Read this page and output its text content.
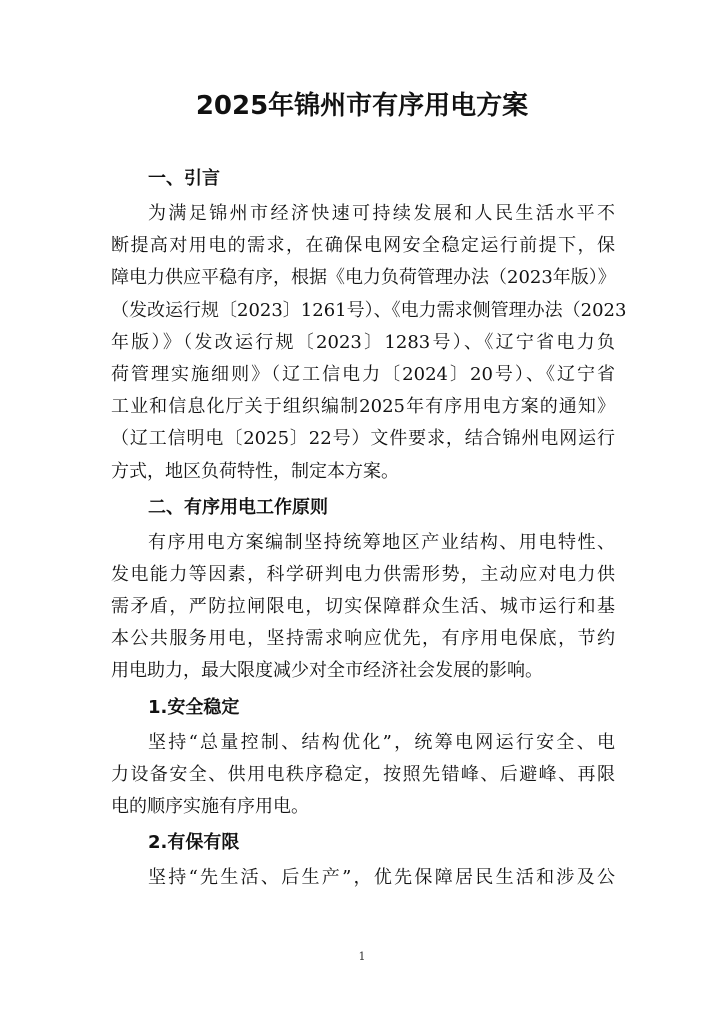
2025年锦州市有序用电方案
一、引言
为满足锦州市经济快速可持续发展和人民生活水平不
断提高对用电的需求，在确保电网安全稳定运行前提下，保
障电力供应平稳有序，根据《电力负荷管理办法（2023年版）》
（发改运行规〔2023〕1261号）、《电力需求侧管理办法（2023
年版）》（发改运行规〔2023〕1283号）、《辽宁省电力负
荷管理实施细则》（辽工信电力〔2024〕20号）、《辽宁省
工业和信息化厅关于组织编制2025年有序用电方案的通知》
（辽工信明电〔2025〕22号）文件要求，结合锦州电网运行
方式，地区负荷特性，制定本方案。
二、有序用电工作原则
有序用电方案编制坚持统筹地区产业结构、用电特性、
发电能力等因素，科学研判电力供需形势，主动应对电力供
需矛盾，严防拉闸限电，切实保障群众生活、城市运行和基
本公共服务用电，坚持需求响应优先，有序用电保底，节约
用电助力，最大限度减少对全市经济社会发展的影响。
1.安全稳定
坚持“总量控制、结构优化”，统筹电网运行安全、电
力设备安全、供用电秩序稳定，按照先错峰、后避峰、再限
电的顺序实施有序用电。
2.有保有限
坚持“先生活、后生产”，优先保障居民生活和涉及公
1
